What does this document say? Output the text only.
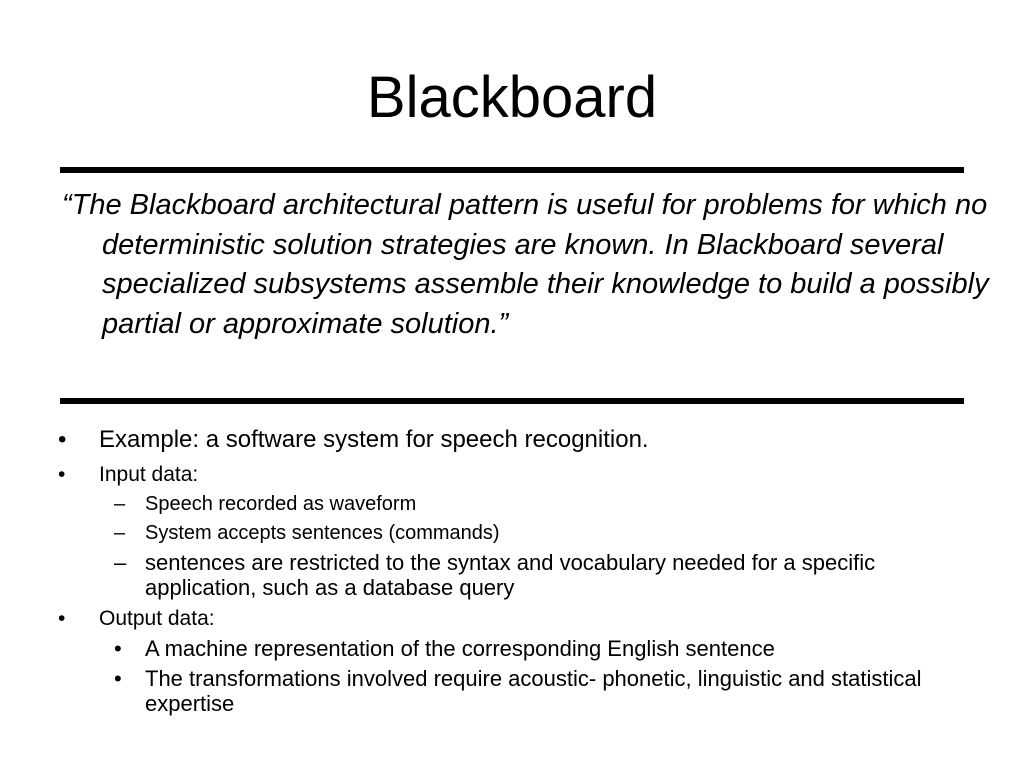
Blackboard

“The Blackboard architectural pattern is useful for problems for which no deterministic solution strategies are known. In Blackboard several specialized subsystems assemble their knowledge to build a possibly partial or approximate solution.”

• Example: a software system for speech recognition.
• Input data:
– Speech recorded as waveform
– System accepts sentences (commands)
– sentences are restricted to the syntax and vocabulary needed for a specific application, such as a database query
• Output data:
• A machine representation of the corresponding English sentence
• The transformations involved require acoustic- phonetic, linguistic and statistical expertise
